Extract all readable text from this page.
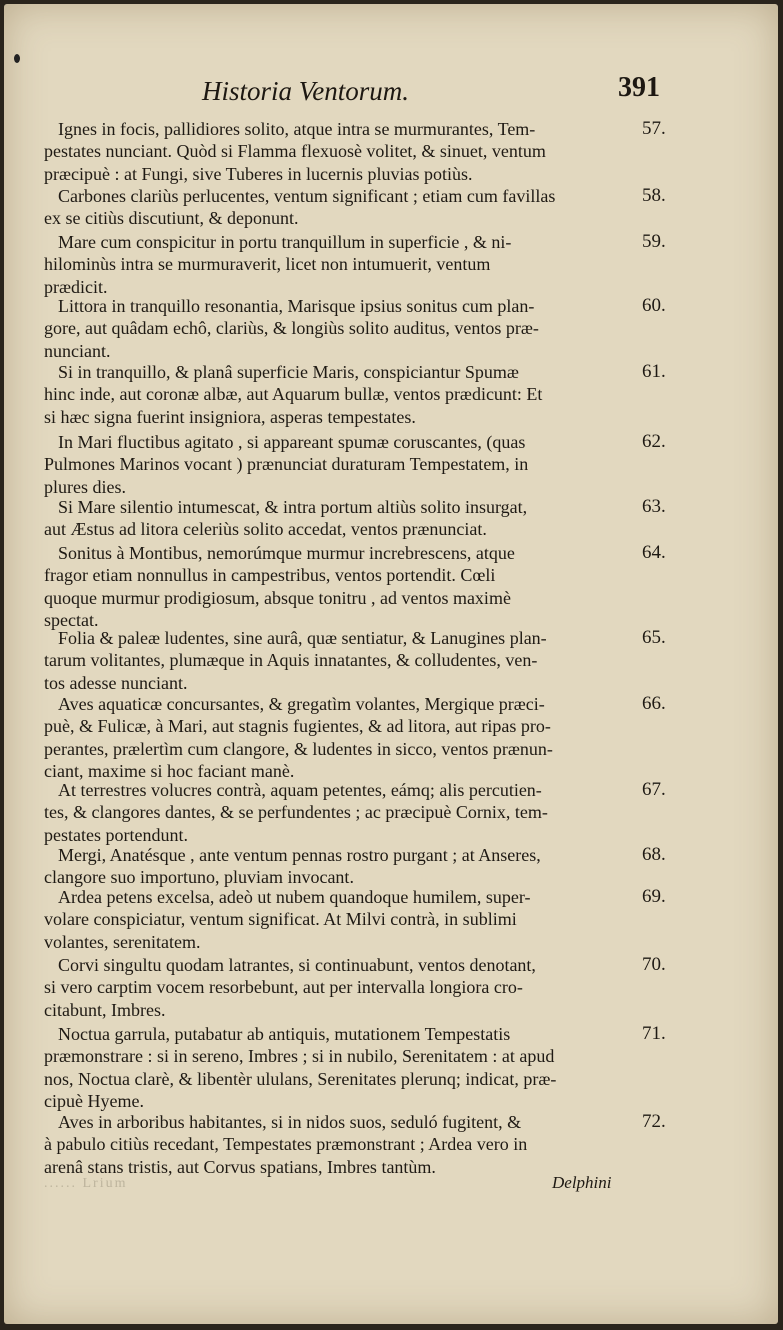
Historia Ventorum.	391
Ignes in focis, pallidiores solito, atque intra se murmurantes, Tem-
pestates nunciant. Quòd si Flamma flexuosè volitet, & sinuet, ventum
præcipuè : at Fungi, sive Tuberes in lucernis pluvias potiùs.
57.
Carbones clariùs perlucentes, ventum significant ; etiam cum favillas
ex se citiùs discutiunt, & deponunt.
58.
Mare cum conspicitur in portu tranquillum in superficie , & ni-
hilominùs intra se murmuraverit, licet non intumuerit, ventum
prædicit.
59.
Littora in tranquillo resonantia, Marisque ipsius sonitus cum plan-
gore, aut quâdam echô, clariùs, & longiùs solito auditus, ventos præ-
nunciant.
60.
Si in tranquillo, & planâ superficie Maris, conspiciantur Spumæ
hinc inde, aut coronæ albæ, aut Aquarum bullæ, ventos prædicunt: Et
si hæc signa fuerint insigniora, asperas tempestates.
61.
In Mari fluctibus agitato , si appareant spumæ coruscantes, (quas
Pulmones Marinos vocant ) prænunciat duraturam Tempestatem, in
plures dies.
62.
Si Mare silentio intumescat, & intra portum altiùs solito insurgat,
aut Æstus ad litora celeriùs solito accedat, ventos prænunciat.
63.
Sonitus à Montibus, nemorúmque murmur increbrescens, atque
fragor etiam nonnullus in campestribus, ventos portendit. Cœli
quoque murmur prodigiosum, absque tonitru , ad ventos maximè
spectat.
64.
Folia & paleæ ludentes, sine aurâ, quæ sentiatur, & Lanugines plan-
tarum volitantes, plumæque in Aquis innatantes, & colludentes, ven-
tos adesse nunciant.
65.
Aves aquaticæ concursantes, & gregatìm volantes, Mergique præci-
puè, & Fulicæ, à Mari, aut stagnis fugientes, & ad litora, aut ripas pro-
perantes, prælertìm cum clangore, & ludentes in sicco, ventos prænun-
ciant, maxime si hoc faciant manè.
66.
At terrestres volucres contrà, aquam petentes, eámq; alis percutien-
tes, & clangores dantes, & se perfundentes ; ac præcipuè Cornix, tem-
pestates portendunt.
67.
Mergi, Anatésque , ante ventum pennas rostro purgant ; at Anseres,
clangore suo importuno, pluviam invocant.
68.
Ardea petens excelsa, adeò ut nubem quandoque humilem, super-
volare conspiciatur, ventum significat. At Milvi contrà, in sublimi
volantes, serenitatem.
69.
Corvi singultu quodam latrantes, si continuabunt, ventos denotant,
si vero carptim vocem resorbebunt, aut per intervalla longiora cro-
citabunt, Imbres.
70.
Noctua garrula, putabatur ab antiquis, mutationem Tempestatis
præmonstrare : si in sereno, Imbres ; si in nubilo, Serenitatem : at apud
nos, Noctua clarè, & libentèr ululans, Serenitates plerunq; indicat, præ-
cipuè Hyeme.
71.
Aves in arboribus habitantes, si in nidos suos, seduló fugitent, &
à pabulo citiùs recedant, Tempestates præmonstrant ; Ardea vero in
arenâ stans tristis, aut Corvus spatians, Imbres tantùm.
72.
...... Lrium	Delphini
